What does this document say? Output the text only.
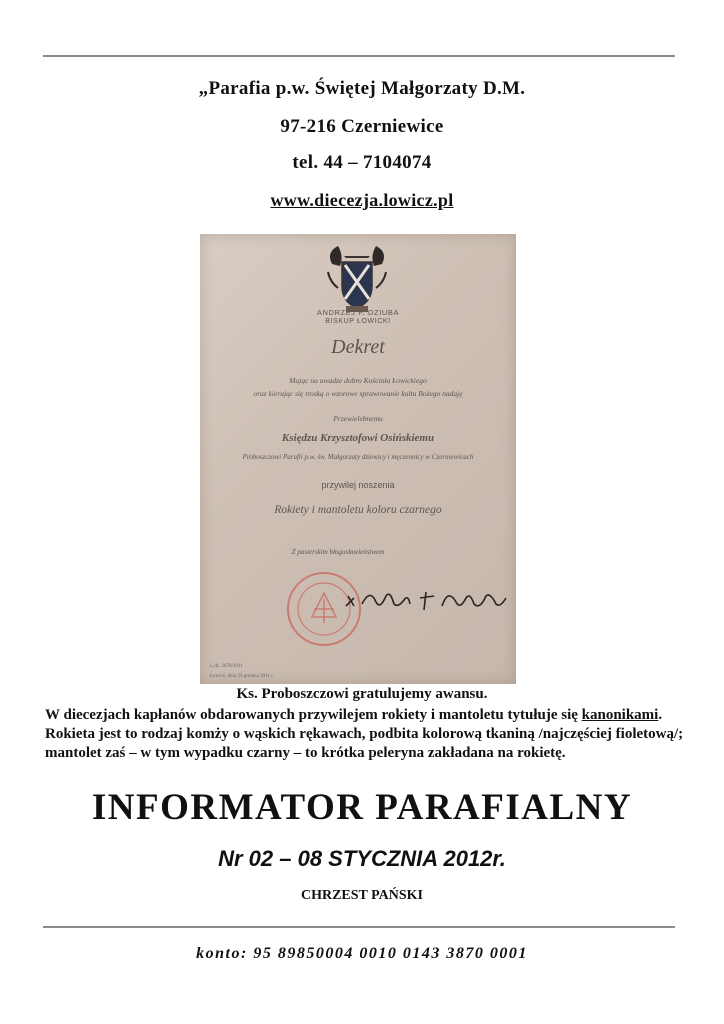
„Parafia p.w. Świętej Małgorzaty D.M.
97-216 Czerniewice
tel. 44 – 7104074
www.diecezja.lowicz.pl
ANDRZEJ F. DZIUBA
BISKUP ŁOWICKI
Dekret
Mając na uwadze dobro Kościoła Łowickiego
oraz kierując się troską o wzorowe sprawowanie kultu Bożego nadaję
Przewielebnemu
Księdzu Krzysztofowi Osińskiemu
Proboszczowi Parafii p.w. św. Małgorzaty dziewicy i męczennicy w Czerniewicach
przywilej noszenia
Rokiety i mantoletu koloru czarnego
Z pasterskim błogosławieństwem
L.dz. 2878/2011
Łowicz, dnia 23 grudnia 2011 r.
Ks. Proboszczowi gratulujemy awansu.
W diecezjach kapłanów obdarowanych przywilejem rokiety i mantoletu tytułuje się kanonikami. Rokieta jest to rodzaj komży o wąskich rękawach, podbita kolorową tkaniną /najczęściej fioletową/; mantolet zaś – w tym wypadku czarny – to krótka peleryna zakładana na rokietę.
INFORMATOR PARAFIALNY
Nr 02 – 08 STYCZNIA 2012r.
CHRZEST PAŃSKI
konto: 95 89850004 0010 0143 3870 0001
